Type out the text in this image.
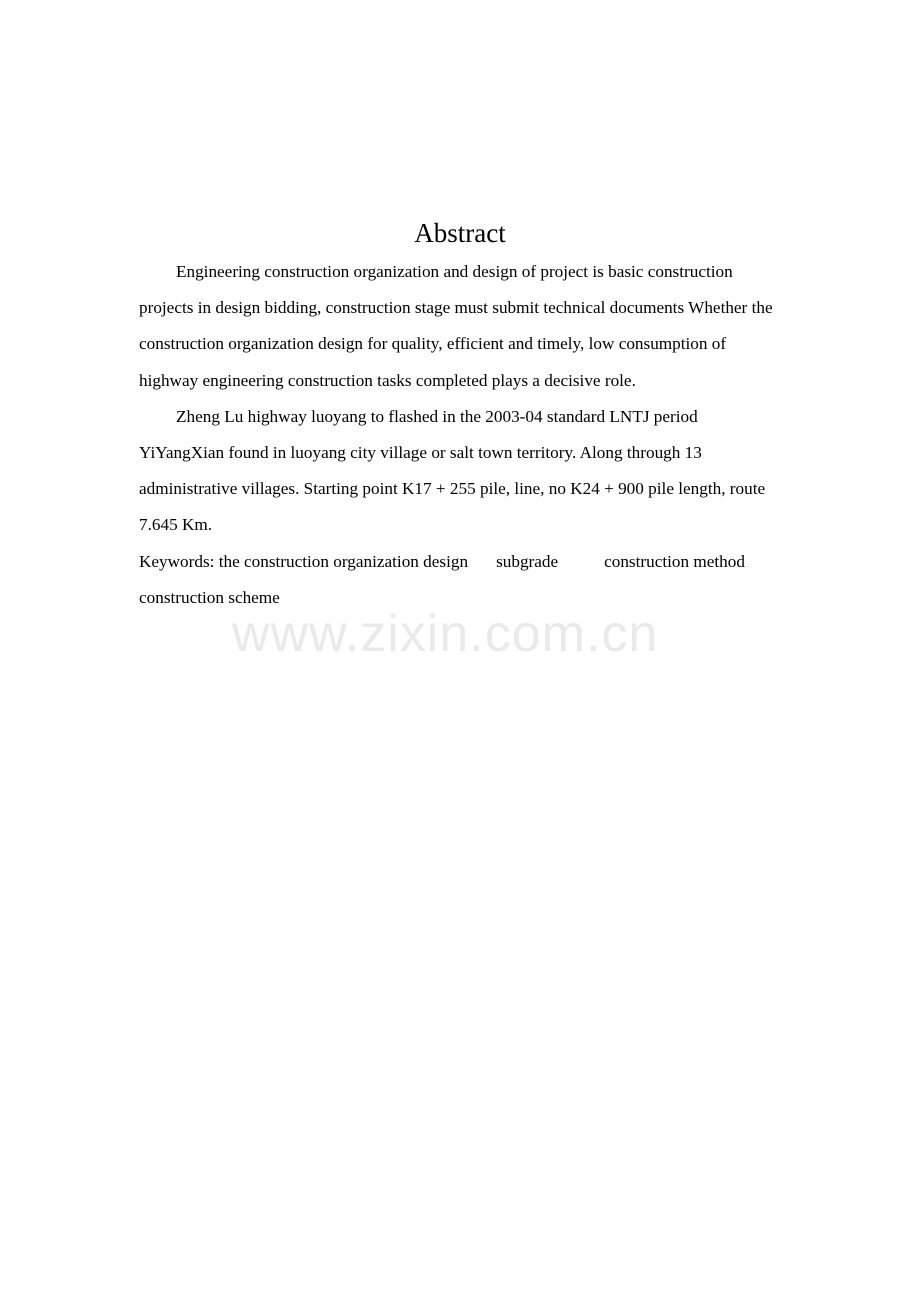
Abstract

Engineering construction organization and design of project is basic construction projects in design bidding, construction stage must submit technical documents Whether the construction organization design for quality, efficient and timely, low consumption of highway engineering construction tasks completed plays a decisive role.

Zheng Lu highway luoyang to flashed in the 2003-04 standard LNTJ period YiYangXian found in luoyang city village or salt town territory. Along through 13 administrative villages. Starting point K17 + 255 pile, line, no K24 + 900 pile length, route 7.645 Km.

Keywords: the construction organization design subgrade	construction method construction scheme

www.zixin.com.cn
